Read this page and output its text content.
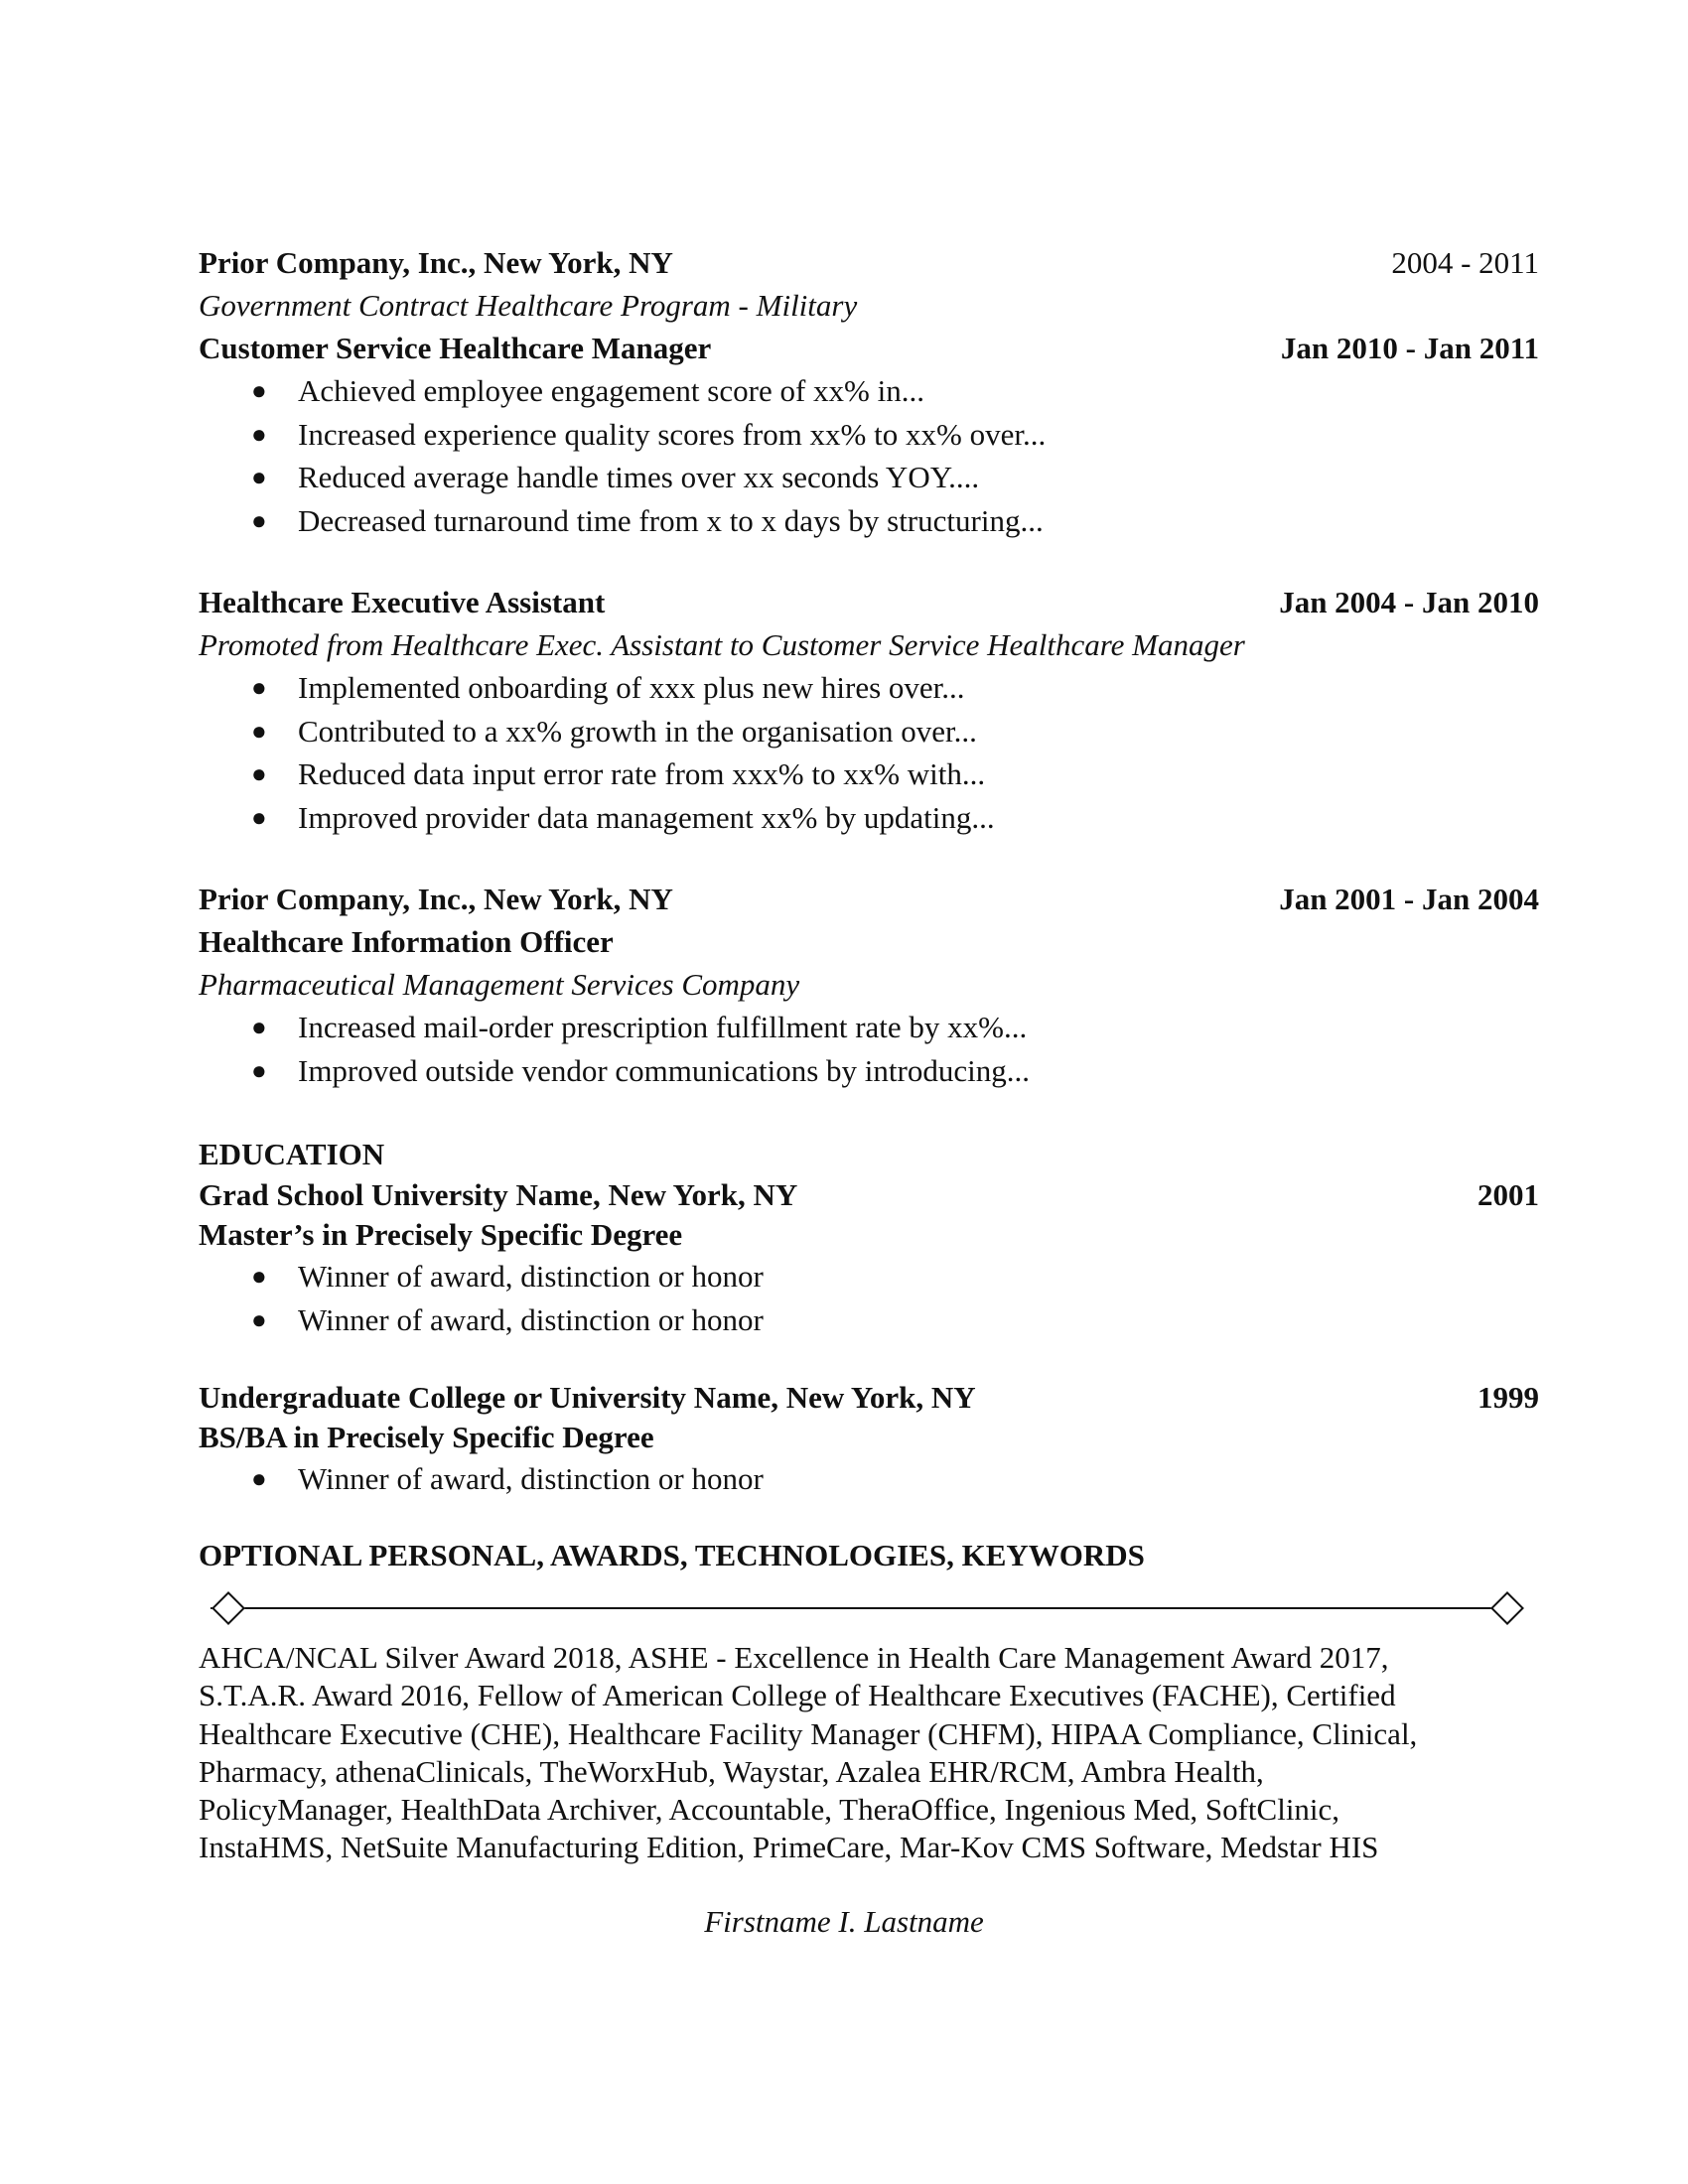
Prior Company, Inc., New York, NY	2004 - 2011
Government Contract Healthcare Program - Military
Customer Service Healthcare Manager	Jan 2010 - Jan 2011
● Achieved employee engagement score of xx% in...
● Increased experience quality scores from xx% to xx% over...
● Reduced average handle times over xx seconds YOY....
● Decreased turnaround time from x to x days by structuring...
Healthcare Executive Assistant	Jan 2004 - Jan 2010
Promoted from Healthcare Exec. Assistant to Customer Service Healthcare Manager
● Implemented onboarding of xxx plus new hires over...
● Contributed to a xx% growth in the organisation over...
● Reduced data input error rate from xxx% to xx% with...
● Improved provider data management xx% by updating...
Prior Company, Inc., New York, NY	Jan 2001 - Jan 2004
Healthcare Information Officer
Pharmaceutical Management Services Company
● Increased mail-order prescription fulfillment rate by xx%...
● Improved outside vendor communications by introducing...
EDUCATION
Grad School University Name, New York, NY	2001
Master’s in Precisely Specific Degree
● Winner of award, distinction or honor
● Winner of award, distinction or honor
Undergraduate College or University Name, New York, NY	1999
BS/BA in Precisely Specific Degree
● Winner of award, distinction or honor
OPTIONAL PERSONAL, AWARDS, TECHNOLOGIES, KEYWORDS
AHCA/NCAL Silver Award 2018, ASHE - Excellence in Health Care Management Award 2017,
S.T.A.R. Award 2016, Fellow of American College of Healthcare Executives (FACHE), Certified
Healthcare Executive (CHE), Healthcare Facility Manager (CHFM), HIPAA Compliance, Clinical,
Pharmacy, athenaClinicals, TheWorxHub, Waystar, Azalea EHR/RCM, Ambra Health,
PolicyManager, HealthData Archiver, Accountable, TheraOffice, Ingenious Med, SoftClinic,
InstaHMS, NetSuite Manufacturing Edition, PrimeCare, Mar-Kov CMS Software, Medstar HIS
Firstname I. Lastname
